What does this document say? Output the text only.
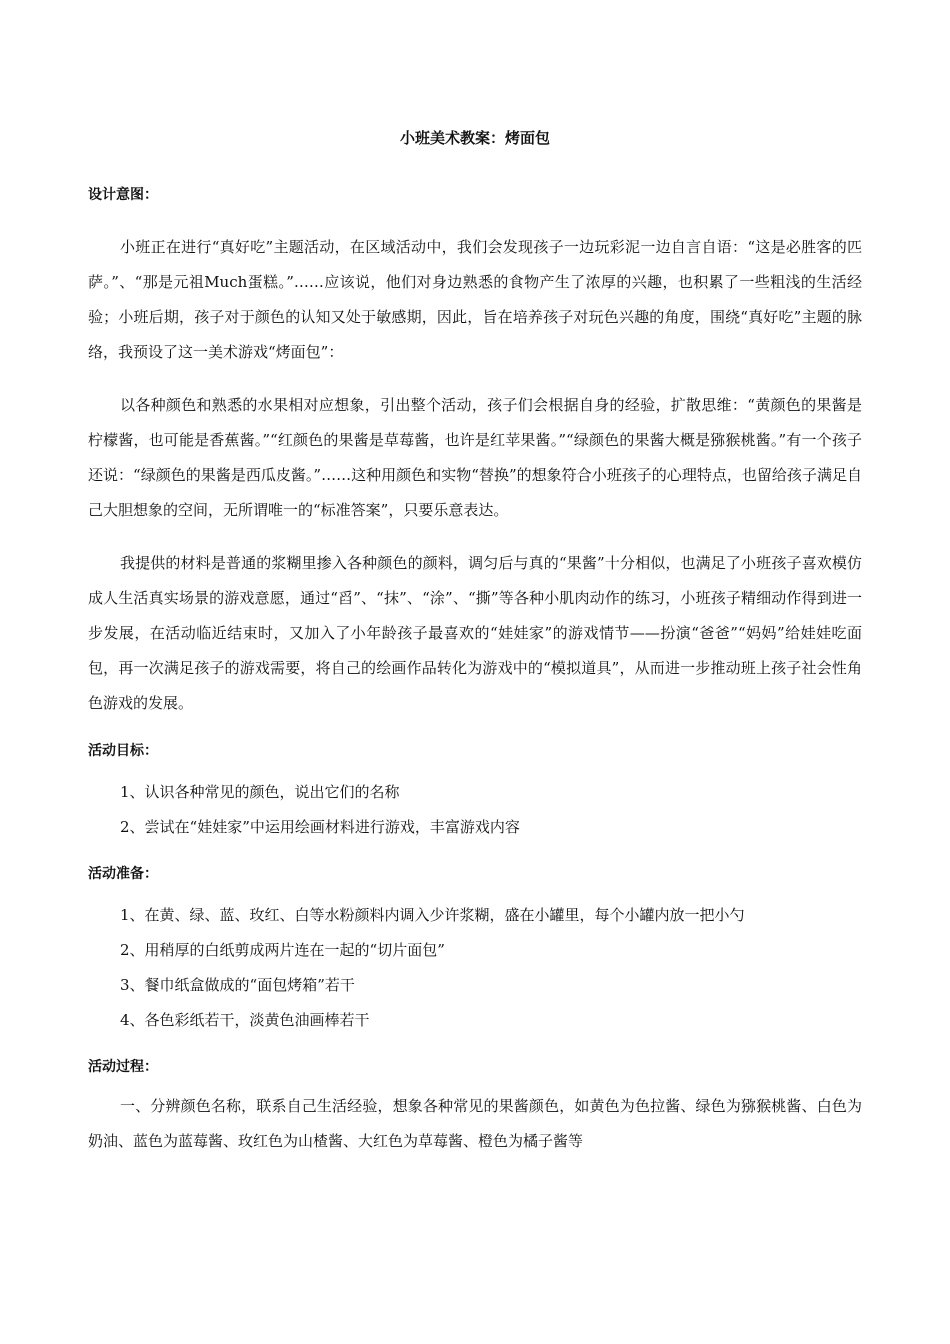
小班美术教案：烤面包
设计意图：

小班正在进行“真好吃”主题活动，在区域活动中，我们会发现孩子一边玩彩泥一边自言自语：“这是必胜客的匹萨。”、“那是元祖Much蛋糕。”……应该说，他们对身边熟悉的食物产生了浓厚的兴趣，也积累了一些粗浅的生活经验；小班后期，孩子对于颜色的认知又处于敏感期，因此，旨在培养孩子对玩色兴趣的角度，围绕“真好吃”主题的脉络，我预设了这一美术游戏“烤面包”：

以各种颜色和熟悉的水果相对应想象，引出整个活动，孩子们会根据自身的经验，扩散思维：“黄颜色的果酱是柠檬酱，也可能是香蕉酱。”“红颜色的果酱是草莓酱，也许是红苹果酱。”“绿颜色的果酱大概是猕猴桃酱。”有一个孩子还说：“绿颜色的果酱是西瓜皮酱。”……这种用颜色和实物“替换”的想象符合小班孩子的心理特点，也留给孩子满足自己大胆想象的空间，无所谓唯一的“标准答案”，只要乐意表达。

我提供的材料是普通的浆糊里掺入各种颜色的颜料，调匀后与真的“果酱”十分相似，也满足了小班孩子喜欢模仿成人生活真实场景的游戏意愿，通过“舀”、“抹”、“涂”、“撕”等各种小肌肉动作的练习，小班孩子精细动作得到进一步发展，在活动临近结束时，又加入了小年龄孩子最喜欢的“娃娃家”的游戏情节——扮演“爸爸”“妈妈”给娃娃吃面包，再一次满足孩子的游戏需要，将自己的绘画作品转化为游戏中的“模拟道具”，从而进一步推动班上孩子社会性角色游戏的发展。

活动目标：
1、认识各种常见的颜色，说出它们的名称
2、尝试在“娃娃家”中运用绘画材料进行游戏，丰富游戏内容
活动准备：
1、在黄、绿、蓝、玫红、白等水粉颜料内调入少许浆糊，盛在小罐里，每个小罐内放一把小勺
2、用稍厚的白纸剪成两片连在一起的“切片面包”
3、餐巾纸盒做成的“面包烤箱”若干
4、各色彩纸若干，淡黄色油画棒若干
活动过程：

一、分辨颜色名称，联系自己生活经验，想象各种常见的果酱颜色，如黄色为色拉酱、绿色为猕猴桃酱、白色为奶油、蓝色为蓝莓酱、玫红色为山楂酱、大红色为草莓酱、橙色为橘子酱等
